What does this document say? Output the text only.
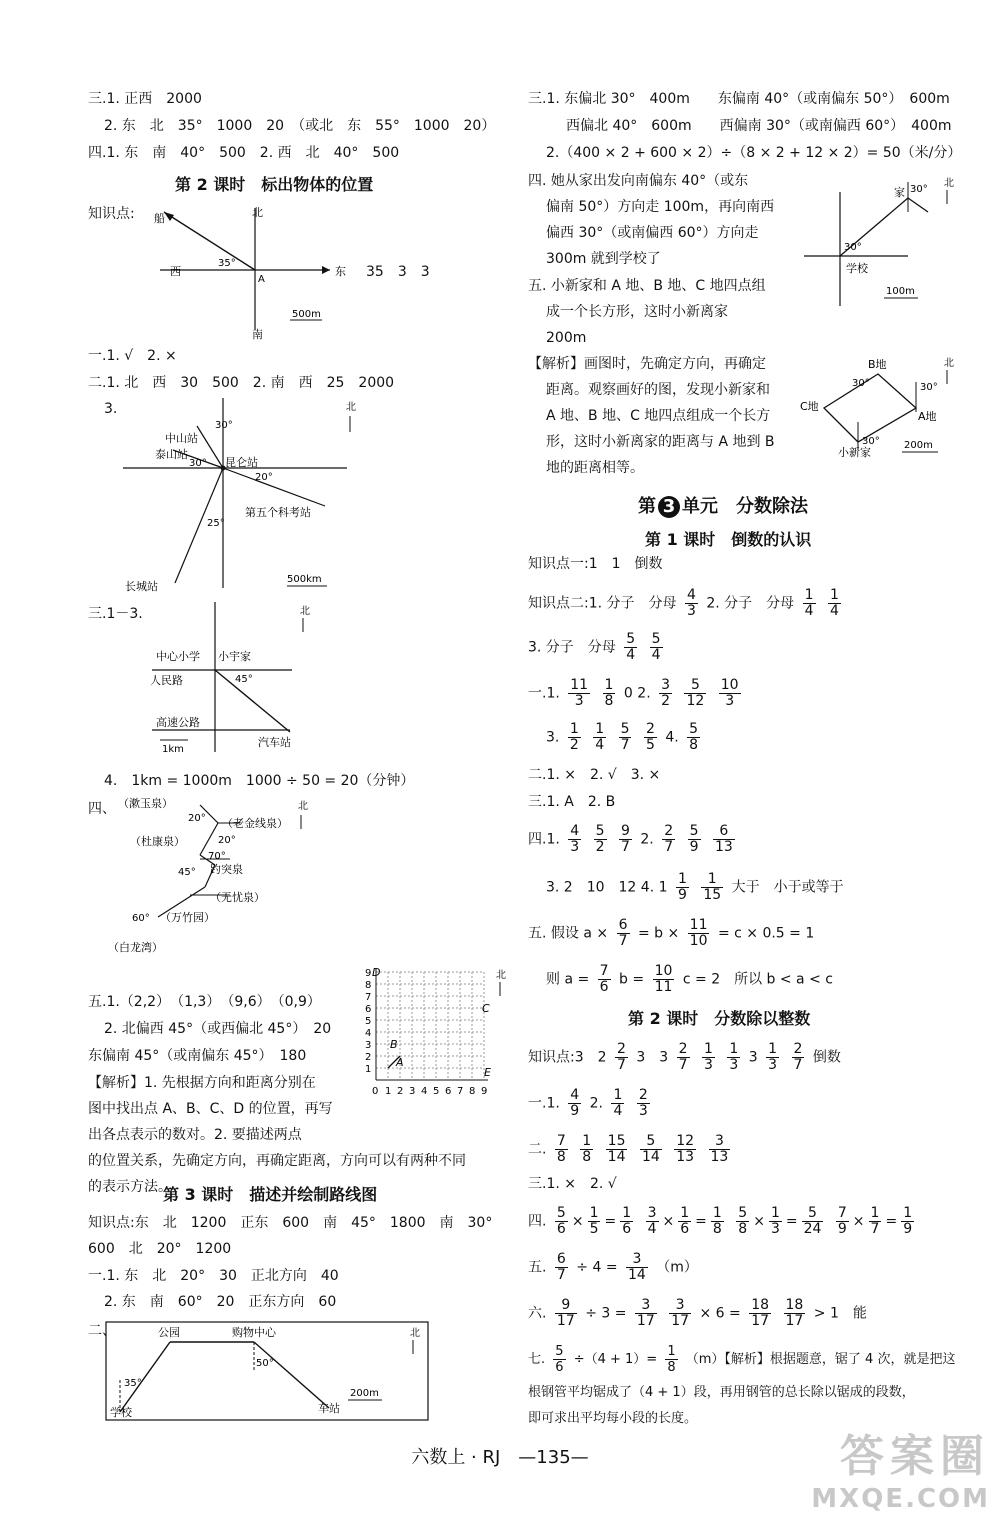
三.1. 正西　2000
2. 东　北　35°　1000　20　（或北　东　55°　1000　20）
四.1. 东　南　40°　500　2. 西　北　40°　500
第 2 课时　标出物体的位置
知识点: 船	北
南
西	东
35°
A
500m
35　3　3
一.1. √　2. ×
二.1. 北　西　30　500　2. 南　西　25　2000
3.
中山站
泰山站
昆仑站
第五个科考站
长城站
30°
30°
20°
25°
500km
北
三.1－3.
中心小学 小宇家
人民路
高速公路
汽车站
45°
1km
北
4.　1km = 1000m　1000 ÷ 50 = 20（分钟）
四、 （漱玉泉）
（老金线泉）
（杜康泉）
趵突泉
（无忧泉）
（万竹园）
（白龙湾）
20°
20°
70°
45°
60°
北
五.1.（2,2）　（1,3）　（9,6）　（0,9）
2. 北偏西 45°（或西偏北 45°）　20
东偏南 45°（或南偏东 45°）　180
【解析】1. 先根据方向和距离分别在
图中找出点 A、B、C、D 的位置，再写
出各点表示的数对。2. 要描述两点
的位置关系，先确定方向，再确定距离，方向可以有两种不同
的表示方法。
D
C
B
A
E
0 1 2 3 4 5 6 7 8 9
1
2
3
4
5
6
7
8
9	北
第 3 课时　描述并绘制路线图
知识点:东　北　1200　正东　600　南　45°　1800　南　30°
600　北　20°　1200
一.1. 东　北　20°　30　正北方向　40
2. 东　南　60°　20　正东方向　60
二、	公园	购物中心
学校	车站
35°
50°
200m
北
三.1. 东偏北 30°　400m　　东偏南 40°（或南偏东 50°）　600m
西偏北 40°　600m　　西偏南 30°（或南偏西 60°）　400m
2.（400 × 2 + 600 × 2）÷（8 × 2 + 12 × 2）= 50（米/分）
四. 她从家出发向南偏东 40°（或东
偏南 50°）方向走 100m，再向南西
偏西 30°（或南偏西 60°）方向走
300m 就到学校了
家
学校
30°
30°
100m
北
五. 小新家和 A 地、B 地、C 地四点组
成一个长方形，这时小新离家
200m
【解析】画图时，先确定方向，再确定
距离。观察画好的图，发现小新家和
A 地、B 地、C 地四点组成一个长方
形，这时小新离家的距离与 A 地到 B
地的距离相等。
B地
C地
A地
小新家
30°	30°
30° 200m
北
第 3 单元　分数除法
第 1 课时　倒数的认识
知识点一:1　1　倒数
知识点二:1. 分子　分母 $\frac{4}{3} 2$. 分子　分母 $\frac{1}{4}$
$\frac{1}{4}$
3. 分子　分母 $\frac{5}{4}$
$\frac{5}{4}$
一.1. $\frac{11}{3}$
$\frac{1}{8} 0$ 2. $\frac{3}{2}$
$\frac{5}{12}$
$\frac{10}{3}$
3. $\frac{1}{2}$
$\frac{1}{4}$
$\frac{5}{7}$
$\frac{2}{5} 4$. $\frac{5}{8}$
二.1. ×　2. √　3. ×
三.1. A　2. B
四.1. $\frac{4}{3}$
$\frac{5}{2}$
$\frac{9}{7} 2$. $\frac{2}{7}$
$\frac{5}{9}$
$\frac{6}{13}$
3. 2　10　12 4. $1 \frac{1}{9}$
$\frac{1}{15}$ 大于　小于或等于
五. 假设 $a \times \frac{6}{7} = b \times \frac{11}{10} = c \times 0.5 = 1$
则 $a = \frac{7}{6}$ $b = \frac{10}{11}$ c = 2　所以 b < a < c
第 2 课时　分数除以整数
知识点:3　$2 \frac{2}{7} 3$　$3 \frac{2}{7}$
$\frac{1}{3}$
$\frac{1}{3} 3 \frac{1}{3}$
$\frac{2}{7}$ 倒数
一.1. $\frac{4}{9} 2$. $\frac{1}{4}$
$\frac{2}{3}$
二. $\frac{7}{8}$
$\frac{1}{8}$
$\frac{15}{14}$
$\frac{5}{14}$
$\frac{12}{13}$
$\frac{3}{13}$
三.1. ×　2. √
四. $\frac{5}{6} \times \frac{1}{5} = \frac{1}{6}$
$\frac{3}{4} \times \frac{1}{6} = \frac{1}{8}$
$\frac{5}{8} \times \frac{1}{3} = \frac{5}{24}$
$\frac{7}{9} \times \frac{1}{7} = \frac{1}{9}$
五. $\frac{6}{7} \div 4 = \frac{3}{14} (m)$
六. $\frac{9}{17} \div 3 = \frac{3}{17}$
$\frac{3}{17} \times 6 = \frac{18}{17}$
$\frac{18}{17} > 1$　能
七. $\frac{5}{6} \div(4 + 1)= \frac{1}{8} (m)$【解析】根据题意，锯了 4 次，就是把这
根钢管平均锯成了（4 + 1）段，再用钢管的总长除以锯成的段数，
即可求出平均每小段的长度。
六数上 · RJ　—135—	答案圈
MXQE.COM
